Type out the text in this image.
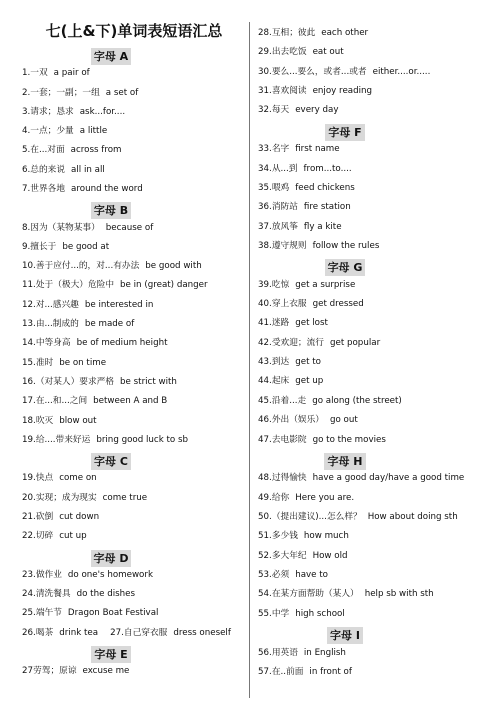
七(上&下)单词表短语汇总
字母 A
1.一双 a pair of
2.一套；一副；一组 a set of
3.请求；恳求 ask...for....
4.一点；少量 a little
5.在...对面 across from
6.总的来说 all in all
7.世界各地 around the word
字母 B
8.因为（某物某事） because of
9.擅长于 be good at
10.善于应付...的，对...有办法 be good with
11.处于（极大）危险中 be in (great) danger
12.对...感兴趣 be interested in
13.由...制成的 be made of
14.中等身高 be of medium height
15.准时 be on time
16.（对某人）要求严格 be strict with
17.在...和...之间 between A and B
18.吹灭 blow out
19.给....带来好运 bring good luck to sb
字母 C
19.快点 come on
20.实现；成为现实 come true
21.砍倒 cut down
22.切碎 cut up
字母 D
23.做作业 do one's homework
24.清洗餐具 do the dishes
25.端午节 Dragon Boat Festival
26.喝茶 drink tea 27.自己穿衣服 dress oneself
字母 E
27劳驾；原谅 excuse me
28.互相；彼此 each other
29.出去吃饭 eat out
30.要么...要么，或者...或者 either....or.....
31.喜欢阅读 enjoy reading
32.每天 every day
字母 F
33.名字 first name
34.从...到 from...to....
35.喂鸡 feed chickens
36.消防站 fire station
37.放风筝 fly a kite
38.遵守规则 follow the rules
字母 G
39.吃惊 get a surprise
40.穿上衣服 get dressed
41.迷路 get lost
42.受欢迎；流行 get popular
43.到达 get to
44.起床 get up
45.沿着...走 go along (the street)
46.外出（娱乐） go out
47.去电影院 go to the movies
字母 H
48.过得愉快 have a good day/have a good time
49.给你 Here you are.
50.（提出建议)...怎么样？ How about doing sth
51.多少钱 how much
52.多大年纪 How old
53.必须 have to
54.在某方面帮助（某人） help sb with sth
55.中学 high school
字母 I
56.用英语 in English
57.在..前面 in front of
